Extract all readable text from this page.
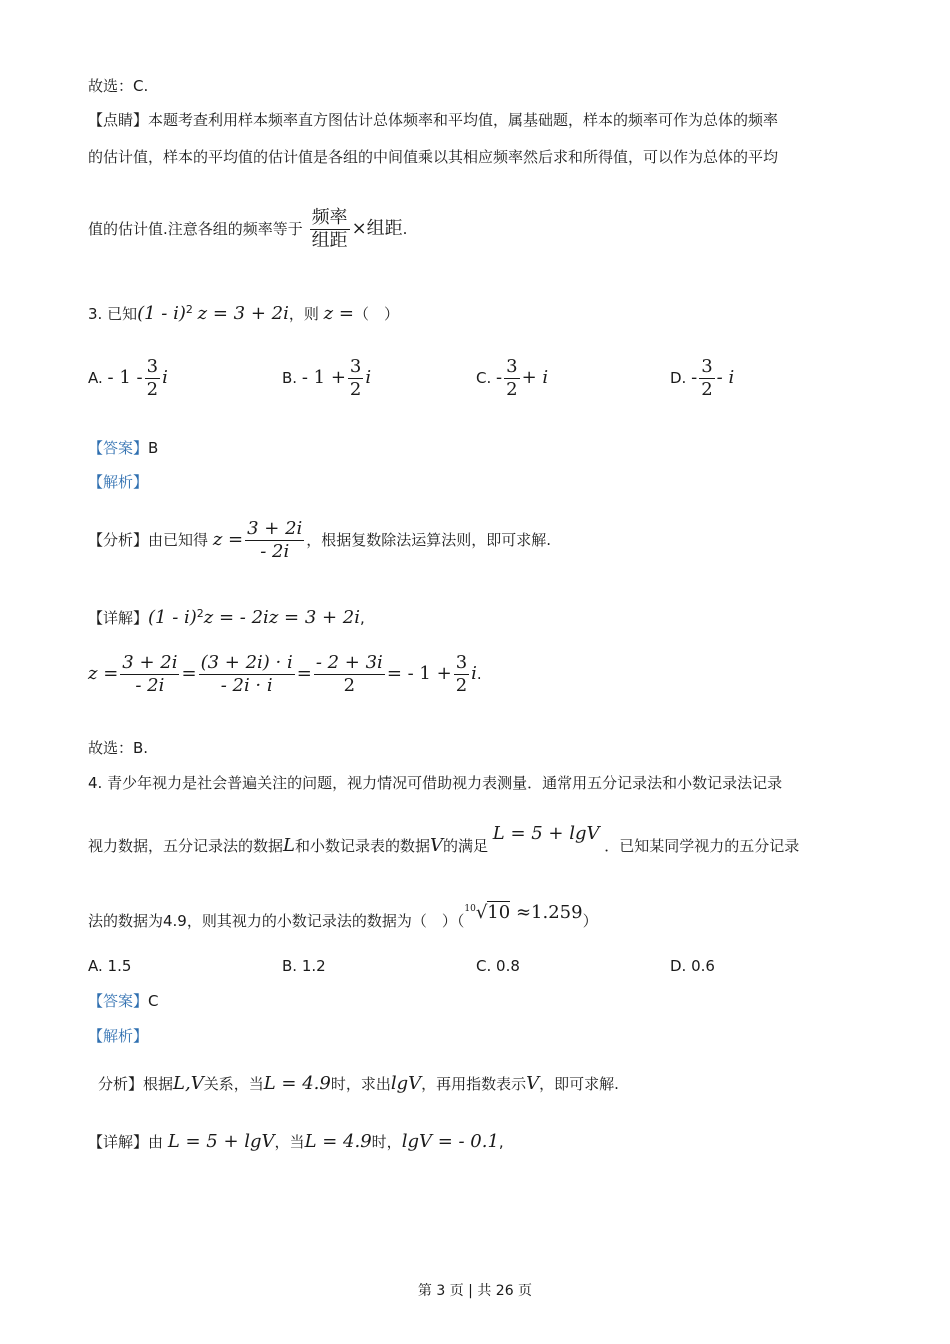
故选：C.
【点睛】本题考查利用样本频率直方图估计总体频率和平均值，属基础题，样本的频率可作为总体的频率
的估计值，样本的平均值的估计值是各组的中间值乘以其相应频率然后求和所得值，可以作为总体的平均
值的估计值.注意各组的频率等于 $\frac{\text{频率}}{\text{组距}}$ ×组距.
3. 已知(1 - i)$^2$ z = 3 + 2i，则 z =（　）
A. - $1 - \frac{3}{2}$ i	B. - $1 + \frac{3}{2}$ i	C. - $\frac{3}{2} + i$	D. - $\frac{3}{2}$ - i
【答案】B
【解析】
【分析】由已知得 $z = \frac{3 + 2i}{- 2i}$ ，根据复数除法运算法则，即可求解.
【详解】(1 - i)$^2$z = - 2iz = 3 + 2i,
$z = \frac{3 + 2i}{- 2i} = \frac{(3 + 2i) \cdot i}{- 2i \cdot i} = \frac{- 2 + 3i}{2}$ = - $1 + \frac{3}{2} i$.
故选：B.
4. 青少年视力是社会普遍关注的问题，视力情况可借助视力表测量．通常用五分记录法和小数记录法记录
视力数据，五分记录法的数据L和小数记录表的数据V的满足 L = 5 + lgV ．已知某同学视力的五分记录
法的数据为4.9，则其视力的小数记录法的数据为（　）（$^{10}$√10 ≈1.259）
A. 1.5	B. 1.2	C. 0.8	D. 0.6
【答案】C
【解析】
分析】根据L,V关系，当L = 4.9时，求出lgV，再用指数表示V，即可求解.
【详解】由 L = 5 + lgV，当L = 4.9时，lgV = - 0.1,
第 3 页 | 共 26 页
